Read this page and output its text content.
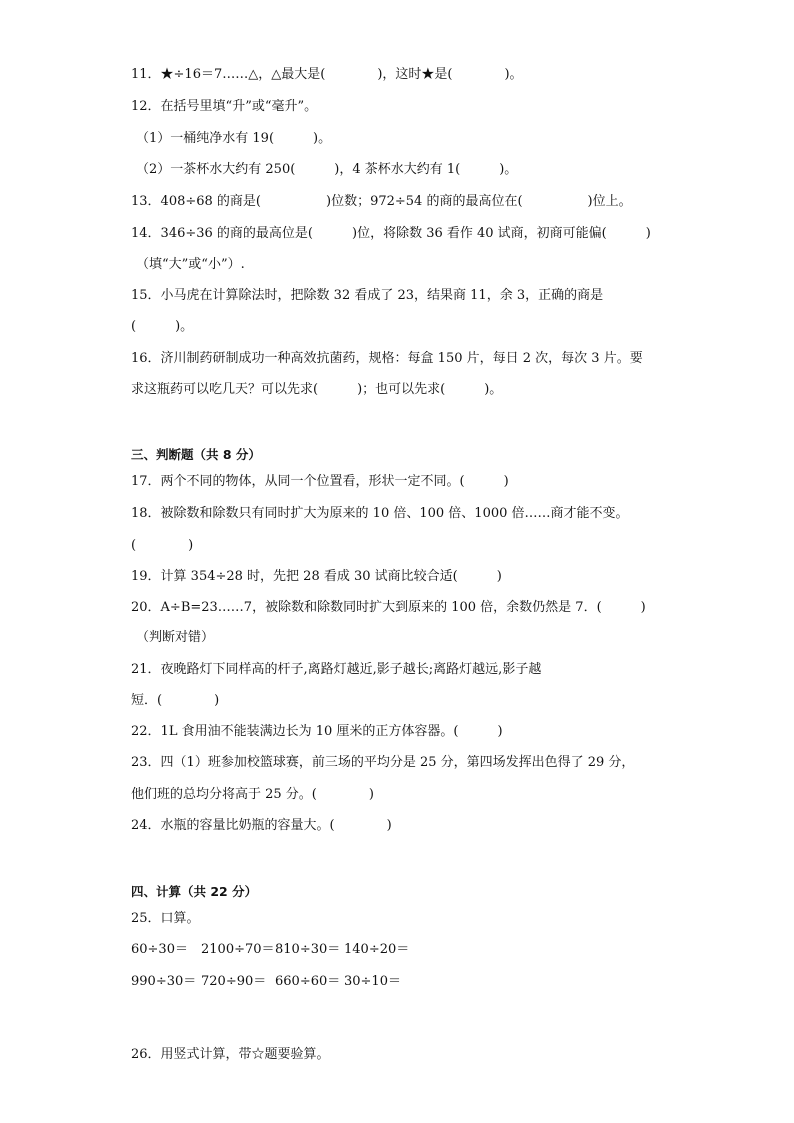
11．★÷16＝7……△，△最大是(　　　　)，这时★是(　　　　)。
12．在括号里填“升”或“毫升”。
（1）一桶纯净水有 19(　　　)。
（2）一茶杯水大约有 250(　　　)，4 茶杯水大约有 1(　　　)。
13．408÷68 的商是(　　　　　)位数；972÷54 的商的最高位在(　　　　　)位上。
14．346÷36 的商的最高位是(　　　)位，将除数 36 看作 40 试商，初商可能偏(　　　)
（填“大”或“小”）.
15．小马虎在计算除法时，把除数 32 看成了 23，结果商 11，余 3，正确的商是
(　　　)。
16．济川制药研制成功一种高效抗菌药，规格：每盒 150 片，每日 2 次，每次 3 片。要
求这瓶药可以吃几天？可以先求(　　　)；也可以先求(　　　)。
三、判断题（共 8 分）
17．两个不同的物体，从同一个位置看，形状一定不同。(　　　)
18．被除数和除数只有同时扩大为原来的 10 倍、100 倍、1000 倍……商才能不变。
(　　　　)
19．计算 354÷28 时，先把 28 看成 30 试商比较合适(　　　)
20．A÷B=23……7，被除数和除数同时扩大到原来的 100 倍，余数仍然是 7．(　　　)
（判断对错）
21．夜晚路灯下同样高的杆子,离路灯越近,影子越长;离路灯越远,影子越
短．(　　　　)
22．1L 食用油不能装满边长为 10 厘米的正方体容器。(　　　)
23．四（1）班参加校篮球赛，前三场的平均分是 25 分，第四场发挥出色得了 29 分，
他们班的总均分将高于 25 分。(　　　　)
24．水瓶的容量比奶瓶的容量大。(　　　　)
四、计算（共 22 分）
25．口算。
60÷30＝ 2100÷70＝810÷30＝ 140÷20＝
990÷30＝ 720÷90＝ 660÷60＝ 30÷10＝
26．用竖式计算，带☆题要验算。
